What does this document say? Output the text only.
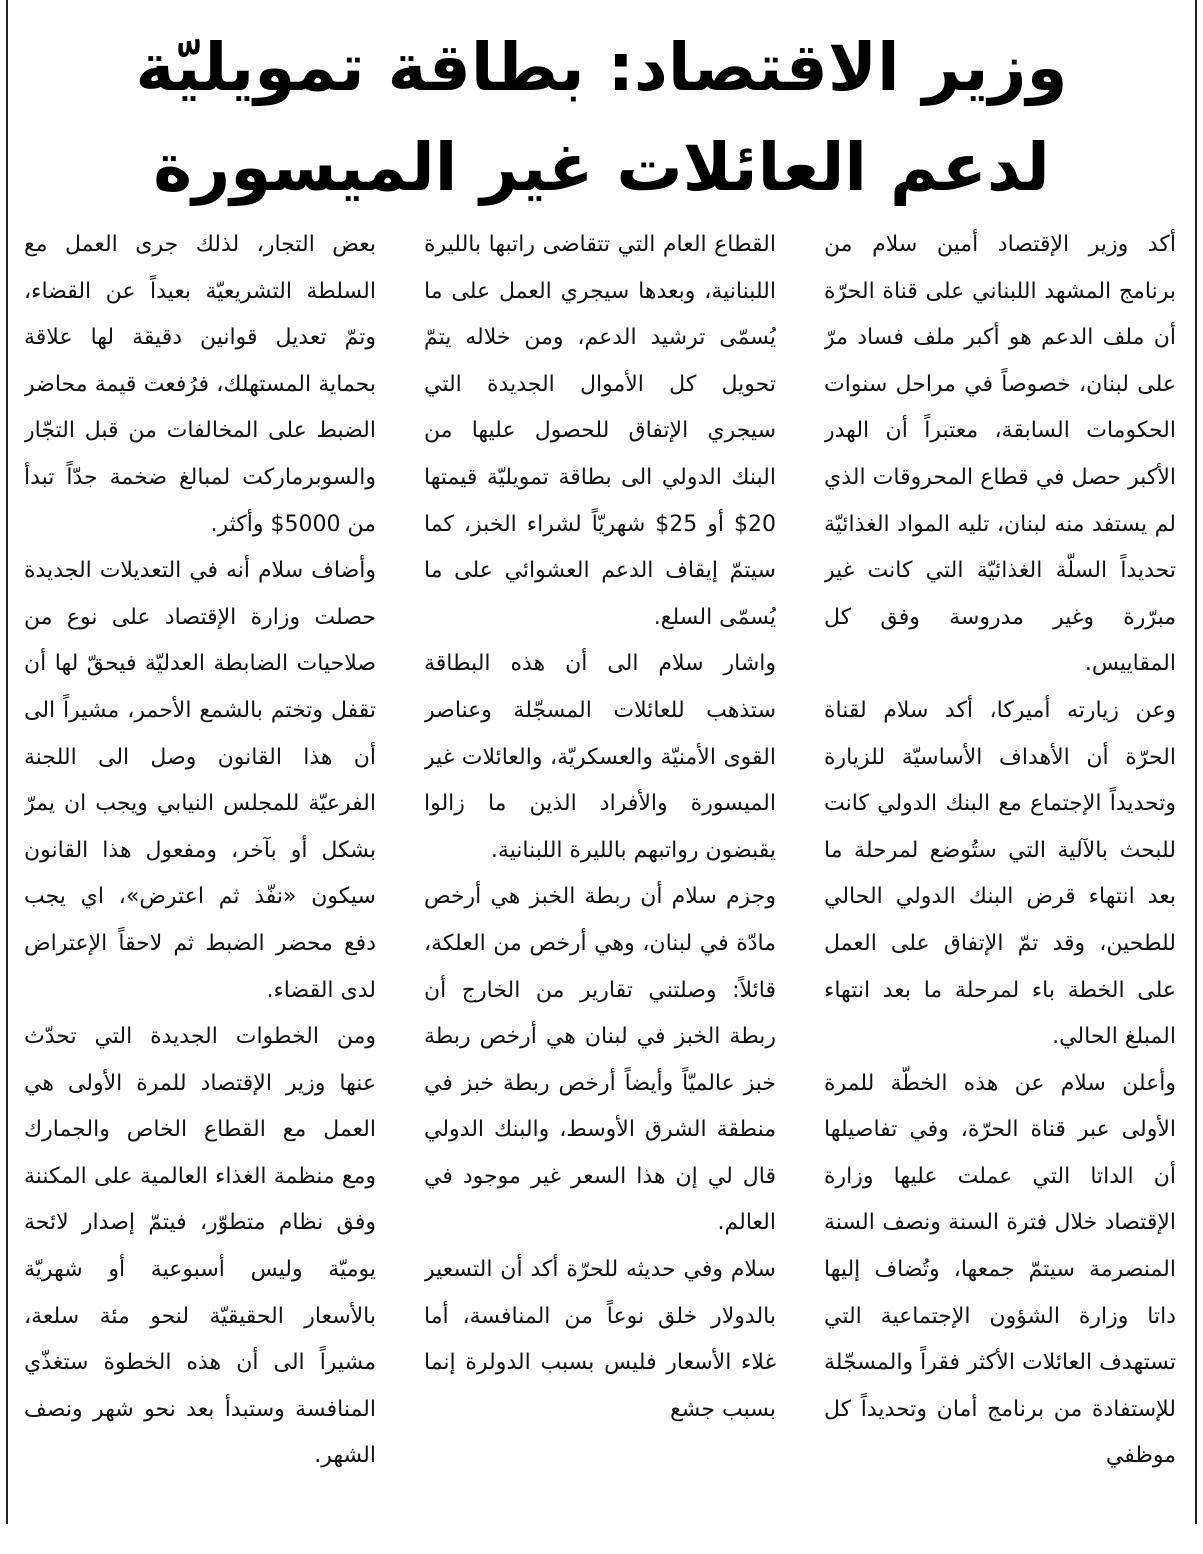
وزير الاقتصاد: بطاقة تمويليّة
لدعم العائلات غير الميسورة

أكد وزير الإقتصاد أمين سلام من برنامج المشهد اللبناني على قناة الحرّة أن ملف الدعم هو أكبر ملف فساد مرّ على لبنان، خصوصاً في مراحل سنوات الحكومات السابقة، معتبراً أن الهدر الأكبر حصل في قطاع المحروقات الذي لم يستفد منه لبنان، تليه المواد الغذائيّة تحديداً السلّة الغذائيّة التي كانت غير مبرّرة وغير مدروسة وفق كل المقاييس.

وعن زيارته أميركا، أكد سلام لقناة الحرّة أن الأهداف الأساسيّة للزيارة وتحديداً الإجتماع مع البنك الدولي كانت للبحث بالآلية التي ستُوضع لمرحلة ما بعد انتهاء قرض البنك الدولي الحالي للطحين، وقد تمّ الإتفاق على العمل على الخطة باء لمرحلة ما بعد انتهاء المبلغ الحالي.

وأعلن سلام عن هذه الخطّة للمرة الأولى عبر قناة الحرّة، وفي تفاصيلها أن الداتا التي عملت عليها وزارة الإقتصاد خلال فترة السنة ونصف السنة المنصرمة سيتمّ جمعها، وتُضاف إليها داتا وزارة الشؤون الإجتماعية التي تستهدف العائلات الأكثر فقراً والمسجّلة للإستفادة من برنامج أمان وتحديداً كل موظفي

القطاع العام التي تتقاضى راتبها بالليرة اللبنانية، وبعدها سيجري العمل على ما يُسمّى ترشيد الدعم، ومن خلاله يتمّ تحويل كل الأموال الجديدة التي سيجري الإتفاق للحصول عليها من البنك الدولي الى بطاقة تمويليّة قيمتها 20$ أو 25$ شهريّاً لشراء الخبز، كما سيتمّ إيقاف الدعم العشوائي على ما يُسمّى السلع.

واشار سلام الى أن هذه البطاقة ستذهب للعائلات المسجّلة وعناصر القوى الأمنيّة والعسكريّة، والعائلات غير الميسورة والأفراد الذين ما زالوا يقبضون رواتبهم بالليرة اللبنانية.

وجزم سلام أن ربطة الخبز هي أرخص مادّة في لبنان، وهي أرخص من العلكة، قائلاً: وصلتني تقارير من الخارج أن ربطة الخبز في لبنان هي أرخص ربطة خبز عالميّاً وأيضاً أرخص ربطة خبز في منطقة الشرق الأوسط، والبنك الدولي قال لي إن هذا السعر غير موجود في العالم.

سلام وفي حديثه للحرّة أكد أن التسعير بالدولار خلق نوعاً من المنافسة، أما غلاء الأسعار فليس بسبب الدولرة إنما بسبب جشع

بعض التجار، لذلك جرى العمل مع السلطة التشريعيّة بعيداً عن القضاء، وتمّ تعديل قوانين دقيقة لها علاقة بحماية المستهلك، فرُفعت قيمة محاضر الضبط على المخالفات من قبل التجّار والسوبرماركت لمبالغ ضخمة جدّاً تبدأ من 5000$ وأكثر.

وأضاف سلام أنه في التعديلات الجديدة حصلت وزارة الإقتصاد على نوع من صلاحيات الضابطة العدليّة فيحقّ لها أن تقفل وتختم بالشمع الأحمر، مشيراً الى أن هذا القانون وصل الى اللجنة الفرعيّة للمجلس النيابي ويجب ان يمرّ بشكل أو بآخر، ومفعول هذا القانون سيكون «نفّذ ثم اعترض»، اي يجب دفع محضر الضبط ثم لاحقاً الإعتراض لدى القضاء.

ومن الخطوات الجديدة التي تحدّث عنها وزير الإقتصاد للمرة الأولى هي العمل مع القطاع الخاص والجمارك ومع منظمة الغذاء العالمية على المكننة وفق نظام متطوّر، فيتمّ إصدار لائحة يوميّة وليس أسبوعية أو شهريّة بالأسعار الحقيقيّة لنحو مئة سلعة، مشيراً الى أن هذه الخطوة ستغذّي المنافسة وستبدأ بعد نحو شهر ونصف الشهر.
